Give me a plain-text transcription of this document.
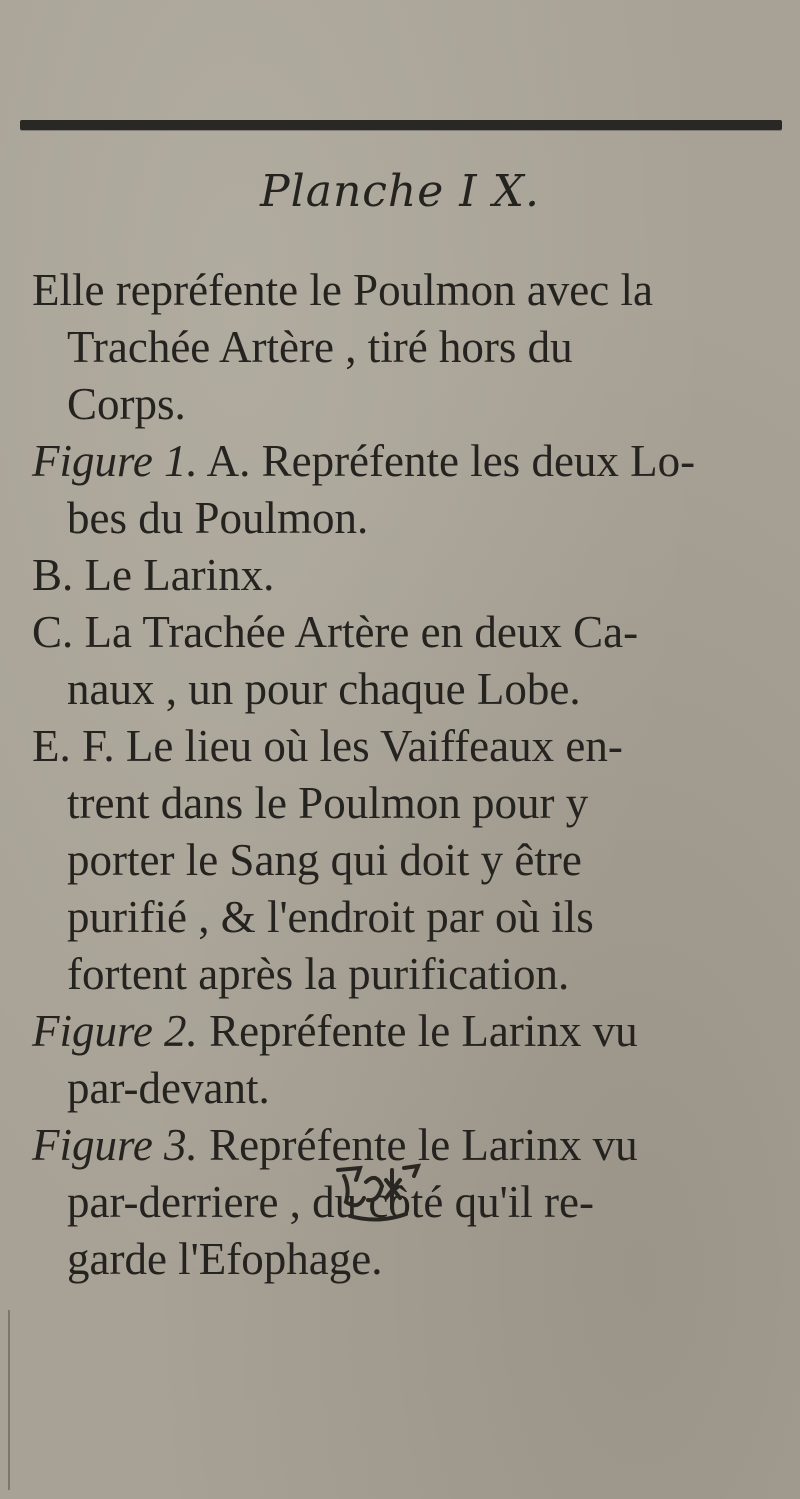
Planche I X.
Elle repréfente le Poulmon avec la
Trachée Artère , tiré hors du
Corps.
Figure 1. A. Repréfente les deux Lo-
bes du Poulmon.
B. Le Larinx.
C. La Trachée Artère en deux Ca-
naux , un pour chaque Lobe.
E. F. Le lieu où les Vaiffeaux en-
trent dans le Poulmon pour y
porter le Sang qui doit y être
purifié , & l'endroit par où ils
fortent après la purification.
Figure 2. Repréfente le Larinx vu
par-devant.
Figure 3. Repréfente le Larinx vu
par-derriere , du côté qu'il re-
garde l'Efophage.
